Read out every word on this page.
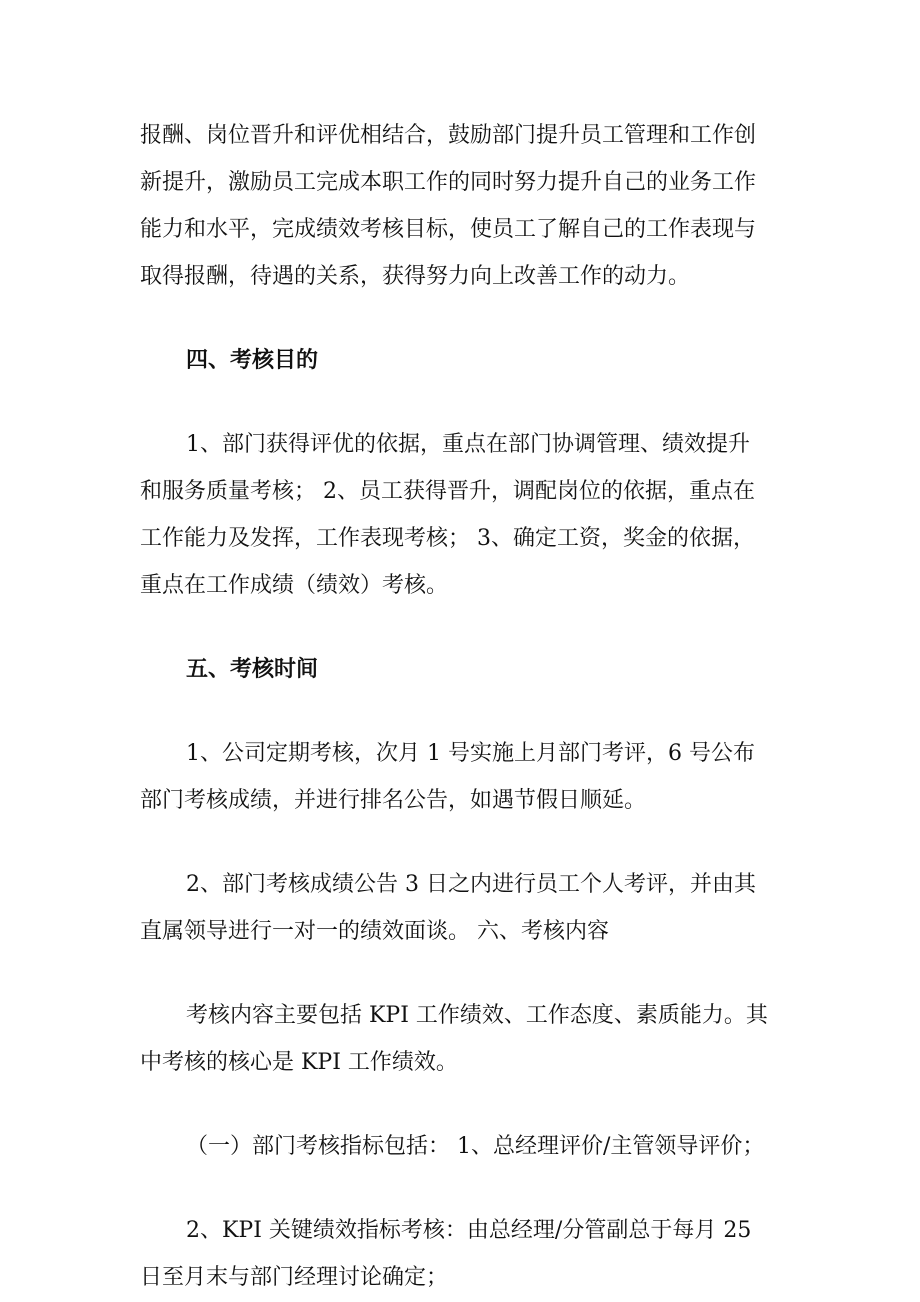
报酬、岗位晋升和评优相结合，鼓励部门提升员工管理和工作创
新提升，激励员工完成本职工作的同时努力提升自己的业务工作
能力和水平，完成绩效考核目标，使员工了解自己的工作表现与
取得报酬，待遇的关系，获得努力向上改善工作的动力。

四、考核目的

1、部门获得评优的依据，重点在部门协调管理、绩效提升
和服务质量考核； 2、员工获得晋升，调配岗位的依据，重点在
工作能力及发挥，工作表现考核； 3、确定工资，奖金的依据，
重点在工作成绩（绩效）考核。

五、考核时间

1、公司定期考核，次月 1 号实施上月部门考评，6 号公布
部门考核成绩，并进行排名公告，如遇节假日顺延。

2、部门考核成绩公告 3 日之内进行员工个人考评，并由其
直属领导进行一对一的绩效面谈。 六、考核内容

考核内容主要包括 KPI 工作绩效、工作态度、素质能力。其
中考核的核心是 KPI 工作绩效。

（一）部门考核指标包括： 1、总经理评价/主管领导评价；

2、KPI 关键绩效指标考核：由总经理/分管副总于每月 25
日至月末与部门经理讨论确定；
